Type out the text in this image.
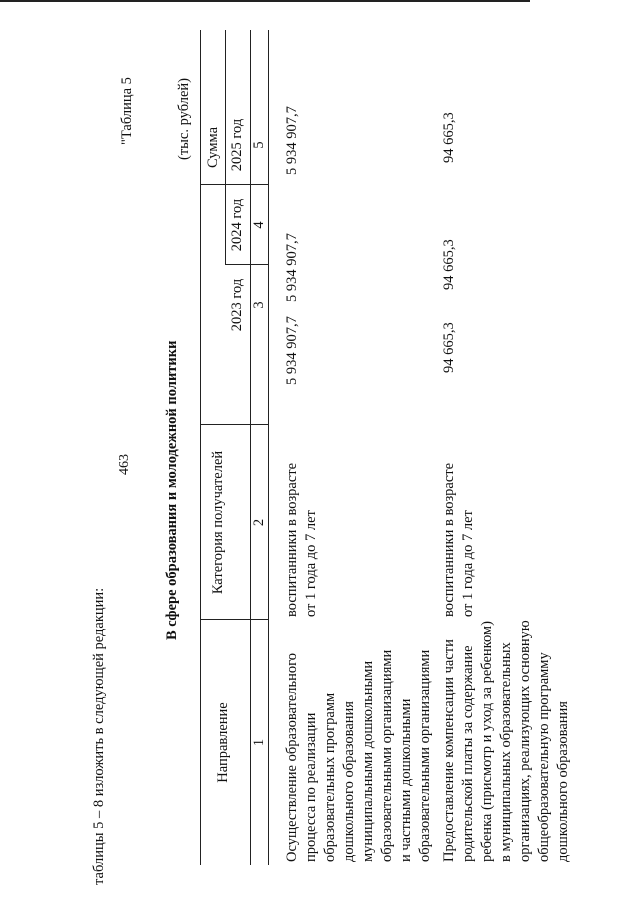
463
таблицы 5 – 8 изложить в следующей редакции:
"Таблица 5
В сфере образования и молодежной политики
(тыс. рублей)
Направление
Категория получателей
Сумма
2023 год
2024 год
2025 год
1
2
3
4
5
Осуществление образовательного процесса по реализации образовательных программ дошкольного образования муниципальными дошкольными образовательными организациями и частными дошкольными образовательными организациями
воспитанники в возрасте от 1 года до 7 лет
5 934 907,7
5 934 907,7
5 934 907,7
Предоставление компенсации части родительской платы за содержание ребенка (присмотр и уход за ребенком) в муниципальных образовательных организациях, реализующих основную общеобразовательную программу дошкольного образования
воспитанники в возрасте от 1 года до 7 лет
94 665,3
94 665,3
94 665,3
